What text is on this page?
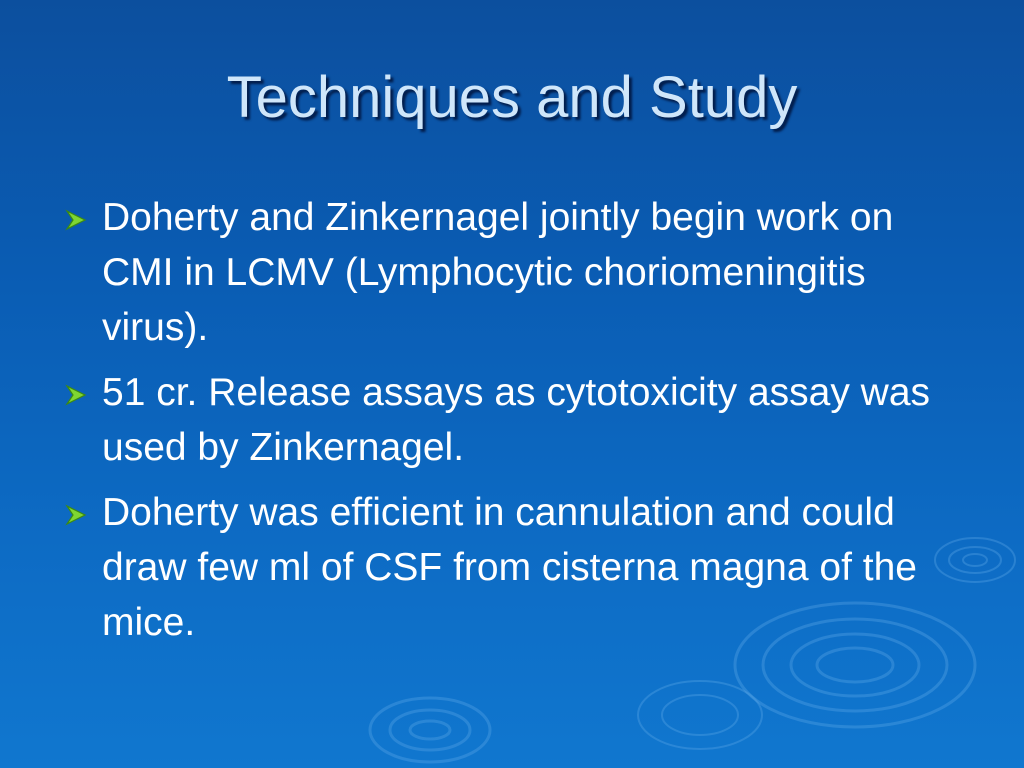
Techniques and Study
Doherty and Zinkernagel jointly begin work on CMI in LCMV (Lymphocytic choriomeningitis virus).
51 cr. Release assays as cytotoxicity assay was used by Zinkernagel.
Doherty was efficient in cannulation and could draw few ml of CSF from cisterna magna of the mice.
